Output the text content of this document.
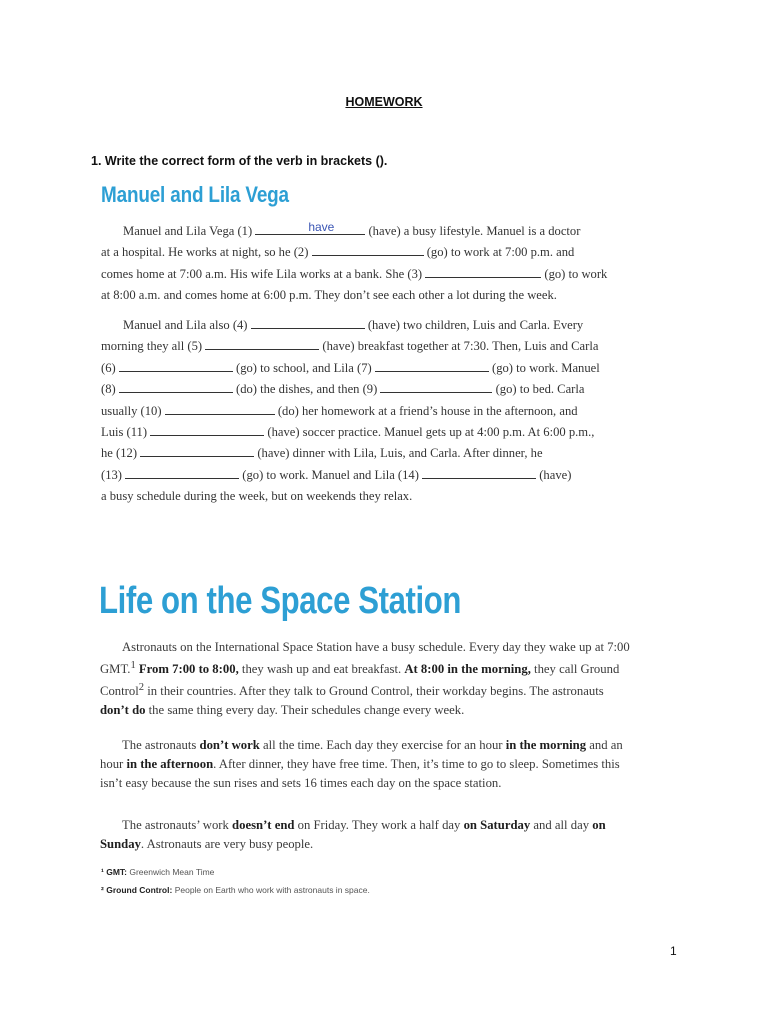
HOMEWORK
1. Write the correct form of the verb in brackets ().
Manuel and Lila Vega
Manuel and Lila Vega (1)	have	(have) a busy lifestyle. Manuel is a doctor
at a hospital. He works at night, so he (2)	(go) to work at 7:00 p.m. and
comes home at 7:00 a.m. His wife Lila works at a bank. She (3)	(go) to work
at 8:00 a.m. and comes home at 6:00 p.m. They don’t see each other a lot during the week.
Manuel and Lila also (4)	(have) two children, Luis and Carla. Every
morning they all (5)	(have) breakfast together at 7:30. Then, Luis and Carla
(6)	(go) to school, and Lila (7)	(go) to work. Manuel
(8)	(do) the dishes, and then (9)	(go) to bed. Carla
usually (10)	(do) her homework at a friend’s house in the afternoon, and
Luis (11)	(have) soccer practice. Manuel gets up at 4:00 p.m. At 6:00 p.m.,
he (12)	(have) dinner with Lila, Luis, and Carla. After dinner, he
(13)	(go) to work. Manuel and Lila (14)	(have)
a busy schedule during the week, but on weekends they relax.
Life on the Space Station
Astronauts on the International Space Station have a busy schedule. Every day they wake up at 7:00 GMT.$^1$ From 7:00 to 8:00, they wash up and eat breakfast. At 8:00 in the morning, they call Ground Control$^2$ in their countries. After they talk to Ground Control, their workday begins. The astronauts don’t do the same thing every day. Their schedules change every week.
The astronauts don’t work all the time. Each day they exercise for an hour in the morning and an hour in the afternoon. After dinner, they have free time. Then, it’s time to go to sleep. Sometimes this isn’t easy because the sun rises and sets 16 times each day on the space station.
The astronauts’ work doesn’t end on Friday. They work a half day on Saturday and all day on Sunday. Astronauts are very busy people.
¹ GMT: Greenwich Mean Time
² Ground Control: People on Earth who work with astronauts in space.
1
